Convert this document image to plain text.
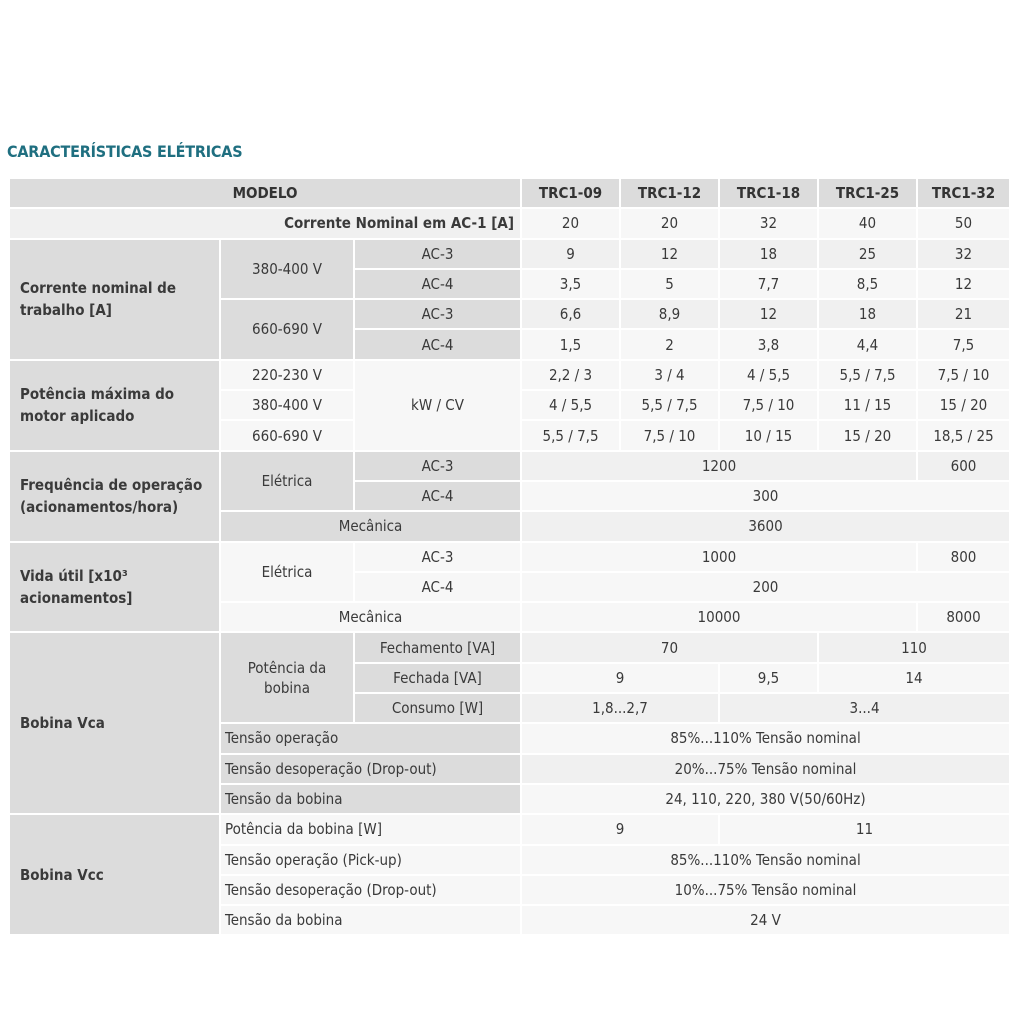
CARACTERÍSTICAS ELÉTRICAS
MODELO			TRC1-09	TRC1-12	TRC1-18	TRC1-25	TRC1-32
Corrente Nominal em AC-1 [A]			20	20	32	40	50
Corrente nominal de trabalho [A]	380-400 V	AC-3	9	12	18	25	32
		AC-4	3,5	5	7,7	8,5	12
	660-690 V	AC-3	6,6	8,9	12	18	21
		AC-4	1,5	2	3,8	4,4	7,5
Potência máxima do motor aplicado	220-230 V	kW / CV	2,2 / 3	3 / 4	4 / 5,5	5,5 / 7,5	7,5 / 10
	380-400 V		4 / 5,5	5,5 / 7,5	7,5 / 10	11 / 15	15 / 20
	660-690 V		5,5 / 7,5	7,5 / 10	10 / 15	15 / 20	18,5 / 25
Frequência de operação (acionamentos/hora)	Elétrica	AC-3	1200				600
		AC-4	300				
	Mecânica		3600				
Vida útil [x10³ acionamentos]	Elétrica	AC-3	1000				800
		AC-4	200				
	Mecânica		10000				8000
Bobina Vca	Potência da bobina	Fechamento [VA]	70			110	
		Fechada [VA]	9		9,5	14	
		Consumo [W]	1,8...2,7		3...4		
	Tensão operação		85%...110% Tensão nominal				
	Tensão desoperação (Drop-out)		20%...75% Tensão nominal				
	Tensão da bobina		24, 110, 220, 380 V(50/60Hz)				
Bobina Vcc	Potência da bobina [W]		9		11		
	Tensão operação (Pick-up)		85%...110% Tensão nominal				
	Tensão desoperação (Drop-out)		10%...75% Tensão nominal				
	Tensão da bobina		24 V				
